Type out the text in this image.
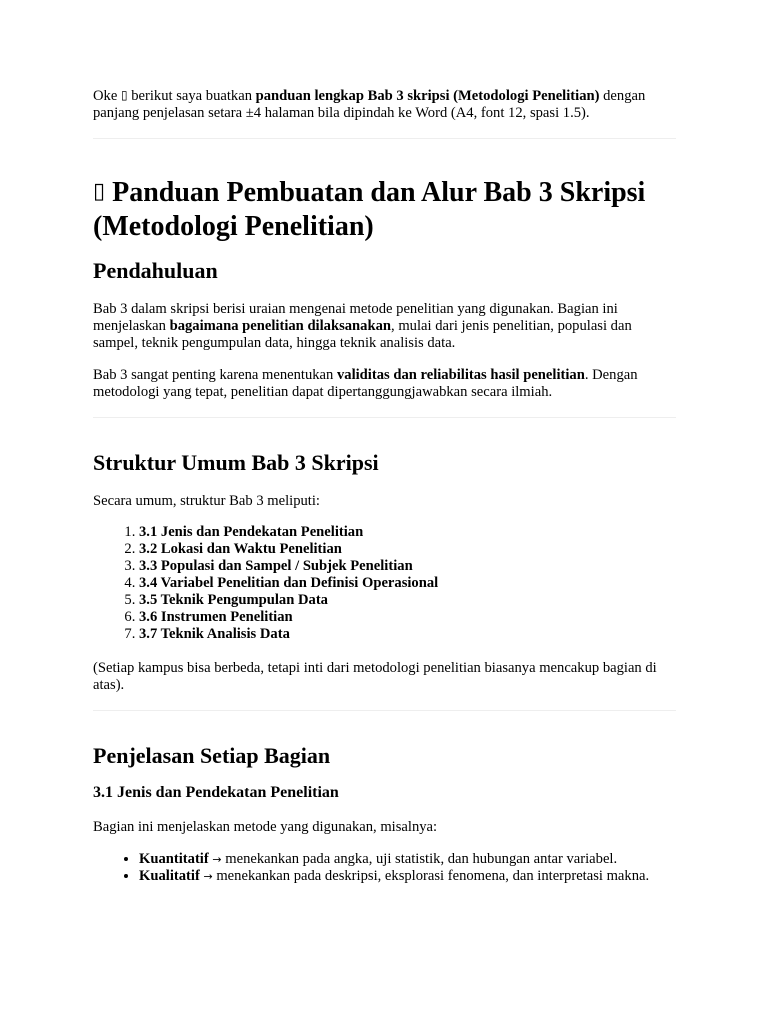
Oke ▯ berikut saya buatkan panduan lengkap Bab 3 skripsi (Metodologi Penelitian) dengan panjang penjelasan setara ±4 halaman bila dipindah ke Word (A4, font 12, spasi 1.5).

▯ Panduan Pembuatan dan Alur Bab 3 Skripsi (Metodologi Penelitian)
Pendahuluan

Bab 3 dalam skripsi berisi uraian mengenai metode penelitian yang digunakan. Bagian ini menjelaskan bagaimana penelitian dilaksanakan, mulai dari jenis penelitian, populasi dan sampel, teknik pengumpulan data, hingga teknik analisis data.

Bab 3 sangat penting karena menentukan validitas dan reliabilitas hasil penelitian. Dengan metodologi yang tepat, penelitian dapat dipertanggungjawabkan secara ilmiah.

Struktur Umum Bab 3 Skripsi

Secara umum, struktur Bab 3 meliputi:

1. 3.1 Jenis dan Pendekatan Penelitian
2. 3.2 Lokasi dan Waktu Penelitian
3. 3.3 Populasi dan Sampel / Subjek Penelitian
4. 3.4 Variabel Penelitian dan Definisi Operasional
5. 3.5 Teknik Pengumpulan Data
6. 3.6 Instrumen Penelitian
7. 3.7 Teknik Analisis Data

(Setiap kampus bisa berbeda, tetapi inti dari metodologi penelitian biasanya mencakup bagian di atas).

Penjelasan Setiap Bagian
3.1 Jenis dan Pendekatan Penelitian

Bagian ini menjelaskan metode yang digunakan, misalnya:

• Kuantitatif → menekankan pada angka, uji statistik, dan hubungan antar variabel.
• Kualitatif → menekankan pada deskripsi, eksplorasi fenomena, dan interpretasi makna.
